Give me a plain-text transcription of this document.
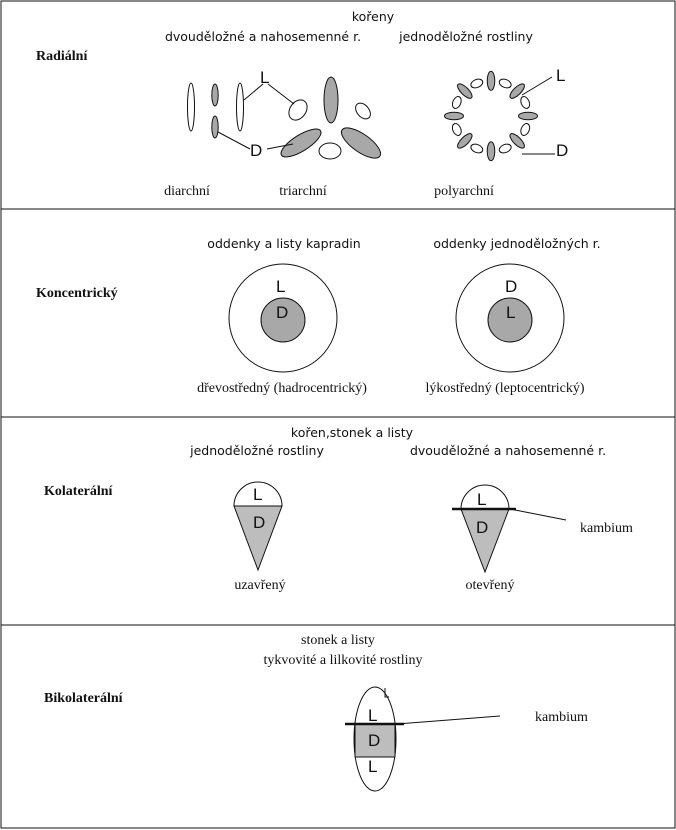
Radiální
kořeny
dvouděložné a nahosemenné r.	jednoděložné rostliny
L
D
L
D
diarchní	triarchní	polyarchní
Koncentrický
oddenky a listy kapradin	oddenky jednoděložných r.
L
D
D
L
dřevostředný (hadrocentrický)	lýkostředný (leptocentrický)
Kolaterální
kořen,stonek a listy
jednoděložné rostliny	dvouděložné a nahosemenné r.
L
D
uzavřený
L
D	kambium
otevřený
Bikolaterální
stonek a listy
tykvovité a lilkovité rostliny
L
D
L
kambium
